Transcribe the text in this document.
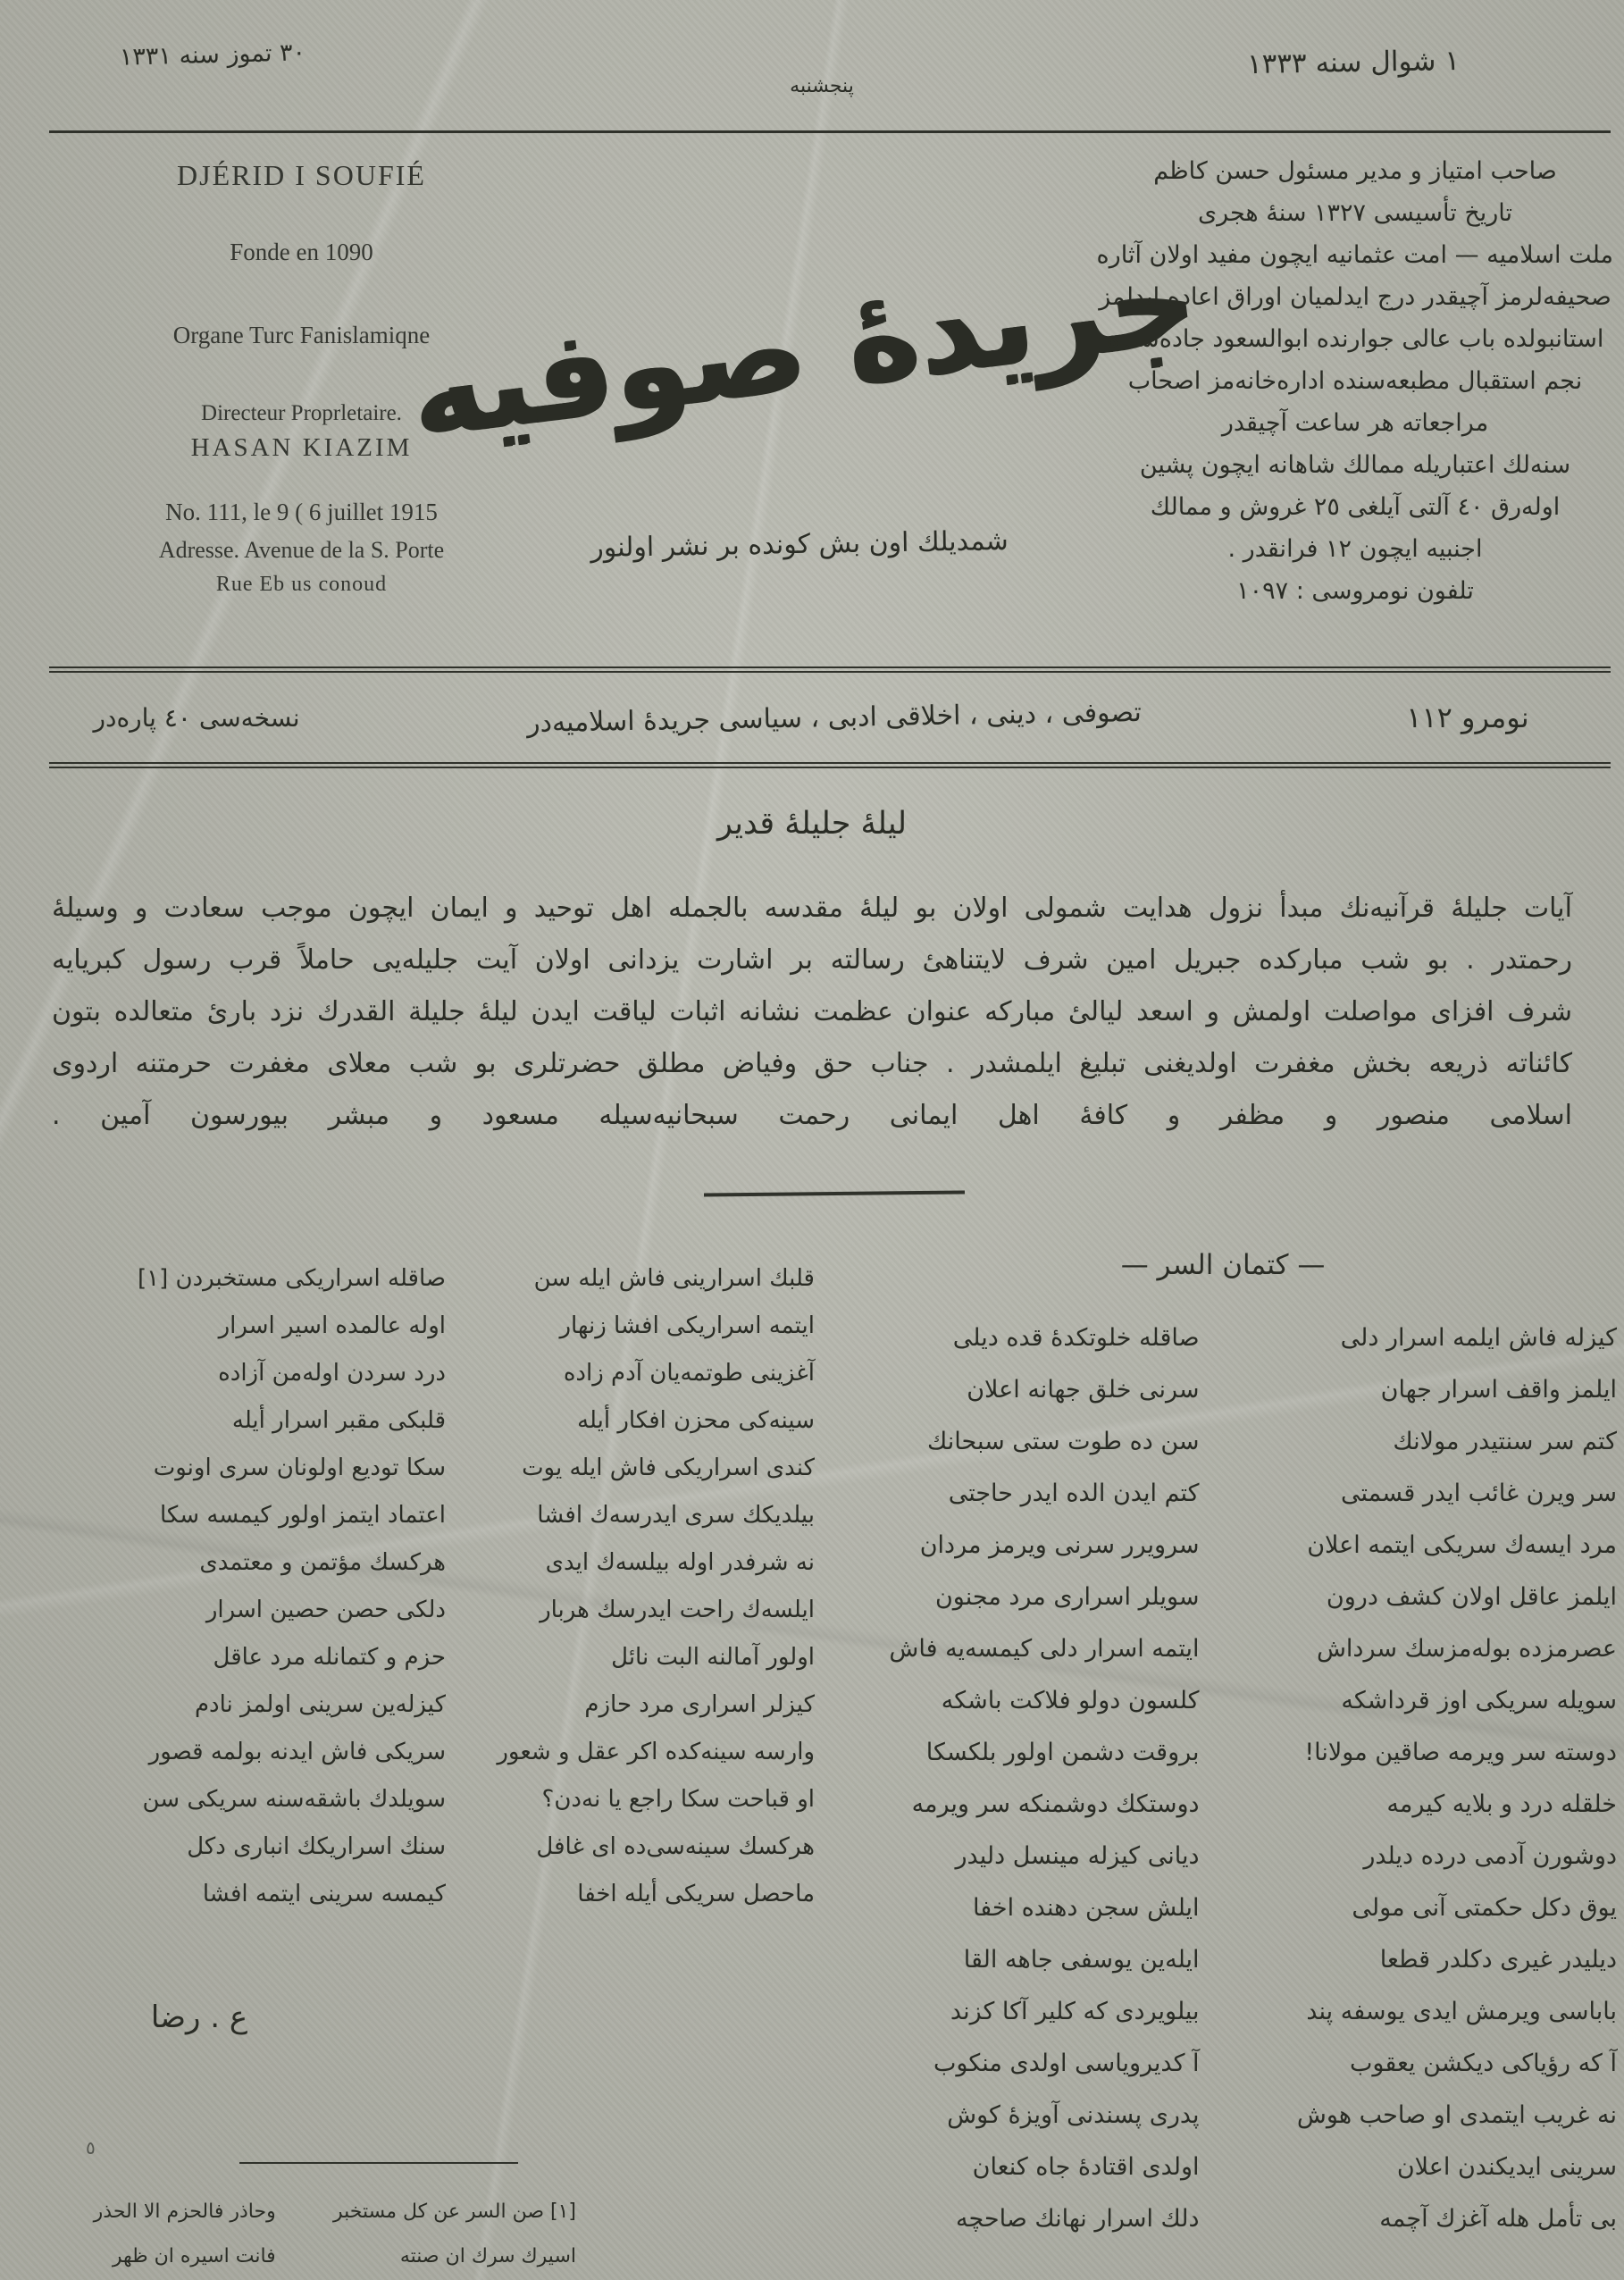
٣٠ تموز سنه ١٣٣١
پنجشنبه
١ شوال سنه ١٣٣٣
DJÉRID I SOUFIÉ
Fonde en 1090
Organe Turc Fanislamiqne
Directeur Proprletaire.
HASAN KIAZIM
No. 111, le 9 ( 6 juillet 1915
Adresse. Avenue de la S. Porte
Rue Eb us conoud
جريدهٔ صوفيه
شمديلك اون بش كونده بر نشر اولنور
صاحب امتياز و مدير مسئول حسن كاظم
تاريخ تأسيسى ١٣٢٧ سنهٔ هجرى
ملت اسلاميه — امت عثمانيه ايچون مفيد اولان آثاره
صحيفه‌لرمز آچيقدر درج ايدلميان اوراق اعاده ايدلمز
استانبولده باب عالى جوارنده ابوالسعود جاده‌سنده
نجم استقبال مطبعه‌سنده اداره‌خانه‌مز اصحاب
مراجعاته هر ساعت آچيقدر
سنه‌لك اعتباريله ممالك شاهانه ايچون پشين
اوله‌رق ٤٠ آلتى آيلغى ٢٥ غروش و ممالك
اجنبيه ايچون ١٢ فرانقدر .
تلفون نومروسى : ١٠٩٧
نومرو ١١٢
تصوفى ، دينى ، اخلاقى ادبى ، سياسى جريدهٔ اسلاميه‌در
نسخه‌سى ٤٠ پاره‌در
ليلهٔ جليلهٔ قدير
آيات جليلهٔ قرآنيه‌نك مبدأ نزول هدايت شمولى اولان بو ليلهٔ مقدسه بالجمله اهل توحيد و ايمان ايچون موجب سعادت و وسيلهٔ
رحمتدر . بو شب مباركده جبريل امين شرف لايتناهىٔ رسالته بر اشارت يزدانى اولان آيت جليله‌يى حاملاً قرب رسول كبريايه
شرف افزاى مواصلت اولمش و اسعد ليالىٔ مباركه عنوان عظمت نشانه اثبات لياقت ايدن ليلهٔ جليلة القدرك نزد بارىٔ متعالده بتون
كائناته ذريعه بخش مغفرت اولديغنى تبليغ ايلمشدر . جناب حق وفياض مطلق حضرتلرى بو شب معلاى مغفرت حرمتنه اردوى
اسلامى منصور و مظفر و كافهٔ اهل ايمانى رحمت سبحانيه‌سيله مسعود و مبشر بيورسون آمين .
— كتمان السر —
كيزله فاش ايلمه اسرار دلى
صاقله خلوتكدهٔ قده ديلى
ايلمز واقف اسرار جهان
سرنى خلق جهانه اعلان
كتم سر سنتيدر مولانك
سن ده طوت ستى سبحانك
سر ويرن غائب ايدر قسمتى
كتم ايدن الده ايدر حاجتى
مرد ايسه‌ك سريكى ايتمه اعلان
سرويرر سرنى ويرمز مردان
ايلمز عاقل اولان كشف درون
سويلر اسرارى مرد مجنون
عصرمزده بوله‌مزسك سرداش
ايتمه اسرار دلى كيمسه‌يه فاش
سويله سريكى اوز قرداشكه
كلسون دولو فلاكت باشكه
دوسته سر ويرمه صاقين مولانا!
بروقت دشمن اولور بلكسكا
خلقله درد و بلايه كيرمه
دوستكك دوشمنكه سر ويرمه
دوشورن آدمى درده ديلدر
ديانى كيزله مينسل دليدر
يوق دكل حكمتى آنى مولى
ايلش سجن دهنده اخفا
ديليدر غيرى دكلدر قطعا
ايله‌ين يوسفى جاهه القا
باباسى ويرمش ايدى يوسفه پند
بيلويردى كه كلير آكا كزند
آ كه رؤياكى ديكشن يعقوب
آ كديروياسى اولدى منكوب
نه غريب ايتمدى او صاحب هوش
پدرى پسندنى آويزهٔ كوش
سرينى ايديكندن اعلان
اولدى اقتادهٔ جاه كنعان
بى تأمل هله آغزك آچمه
دلك اسرار نهانك صاحچه
قلبك اسرارينى فاش ايله سن
صاقله اسراريكى مستخبردن [١]
ايتمه اسراريكى افشا زنهار
اوله عالمده اسير اسرار
آغزينى طوتمه‌يان آدم زاده
درد سردن اوله‌من آزاده
سينه‌كى محزن افكار أيله
قلبكى مقبر اسرار أيله
كندى اسراريكى فاش ايله يوت
سكا توديع اولونان سرى اونوت
بيلديكك سرى ايدرسه‌ك افشا
اعتماد ايتمز اولور كيمسه سكا
نه شرفدر اوله بيلسه‌ك ايدى
هركسك مؤتمن و معتمدى
ايلسه‌ك راحت ايدرسك هربار
دلكى حصن حصين اسرار
اولور آمالنه البت نائل
حزم و كتمانله مرد عاقل
كيزلر اسرارى مرد حازم
كيزله‌ين سرينى اولمز نادم
وارسه سينه‌كده اكر عقل و شعور
سريكى فاش ايدنه بولمه قصور
او قباحت سكا راجع يا نه‌دن؟
سويلدك باشقه‌سنه سريكى سن
هركسك سينه‌سى‌ده اى غافل
سنك اسراريكك انبارى دكل
ماحصل سريكى أيله اخفا
كيمسه سرينى ايتمه افشا
ع . رضا
٥
[١] صن السر عن كل مستخبر
وحاذر فالحزم الا الحذر
اسيرك سرك ان صنته
فانت اسيره ان ظهر
